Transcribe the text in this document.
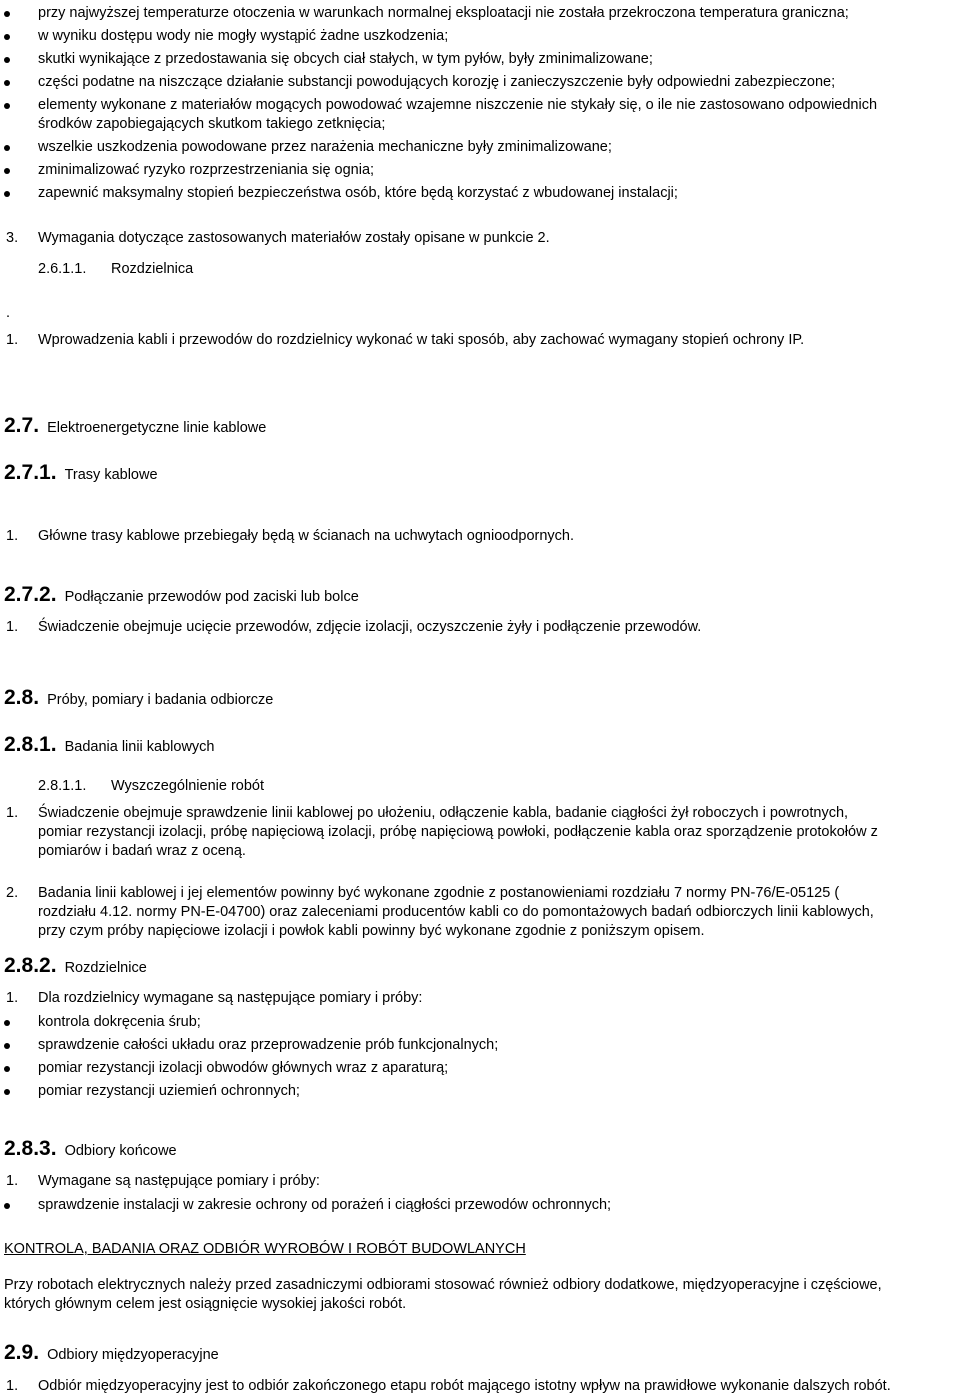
przy najwyższej temperaturze otoczenia w warunkach normalnej eksploatacji nie została przekroczona temperatura graniczna;
w wyniku dostępu wody nie mogły wystąpić żadne uszkodzenia;
skutki wynikające z przedostawania się obcych ciał stałych, w tym pyłów, były zminimalizowane;
części podatne na niszczące działanie substancji powodujących korozję i zanieczyszczenie były odpowiedni zabezpieczone;
elementy wykonane z materiałów mogących powodować wzajemne niszczenie nie stykały się, o ile nie zastosowano odpowiednich
środków zapobiegających skutkom takiego zetknięcia;
wszelkie uszkodzenia powodowane przez narażenia mechaniczne były zminimalizowane;
zminimalizować ryzyko rozprzestrzeniania się ognia;
zapewnić maksymalny stopień bezpieczeństwa osób, które będą korzystać z wbudowanej instalacji;
3. Wymagania dotyczące zastosowanych materiałów zostały opisane w punkcie 2.
2.6.1.1. Rozdzielnica
.
1. Wprowadzenia kabli i przewodów do rozdzielnicy wykonać w taki sposób, aby zachować wymagany stopień ochrony IP.
2.7. Elektroenergetyczne linie kablowe
2.7.1. Trasy kablowe
1. Główne trasy kablowe przebiegały będą w ścianach na uchwytach ognioodpornych.
2.7.2. Podłączanie przewodów pod zaciski lub bolce
1. Świadczenie obejmuje ucięcie przewodów, zdjęcie izolacji, oczyszczenie żyły i podłączenie przewodów.
2.8. Próby, pomiary i badania odbiorcze
2.8.1. Badania linii kablowych
2.8.1.1. Wyszczególnienie robót
1. Świadczenie obejmuje sprawdzenie linii kablowej po ułożeniu, odłączenie kabla, badanie ciągłości żył roboczych i powrotnych,
pomiar rezystancji izolacji, próbę napięciową izolacji, próbę napięciową powłoki, podłączenie kabla oraz sporządzenie protokołów z
pomiarów i badań wraz z oceną.
2. Badania linii kablowej i jej elementów powinny być wykonane zgodnie z postanowieniami rozdziału 7 normy PN-76/E-05125 (
rozdziału 4.12. normy PN-E-04700) oraz zaleceniami producentów kabli co do pomontażowych badań odbiorczych linii kablowych,
przy czym próby napięciowe izolacji i powłok kabli powinny być wykonane zgodnie z poniższym opisem.
2.8.2. Rozdzielnice
1. Dla rozdzielnicy wymagane są następujące pomiary i próby:
kontrola dokręcenia śrub;
sprawdzenie całości układu oraz przeprowadzenie prób funkcjonalnych;
pomiar rezystancji izolacji obwodów głównych wraz z aparaturą;
pomiar rezystancji uziemień ochronnych;
2.8.3. Odbiory końcowe
1. Wymagane są następujące pomiary i próby:
sprawdzenie instalacji w zakresie ochrony od porażeń i ciągłości przewodów ochronnych;
KONTROLA, BADANIA ORAZ ODBIÓR WYROBÓW I ROBÓT BUDOWLANYCH
Przy robotach elektrycznych należy przed zasadniczymi odbiorami stosować również odbiory dodatkowe, międzyoperacyjne i częściowe,
których głównym celem jest osiągnięcie wysokiej jakości robót.
2.9. Odbiory międzyoperacyjne
1. Odbiór międzyoperacyjny jest to odbiór zakończonego etapu robót mającego istotny wpływ na prawidłowe wykonanie dalszych robót.
